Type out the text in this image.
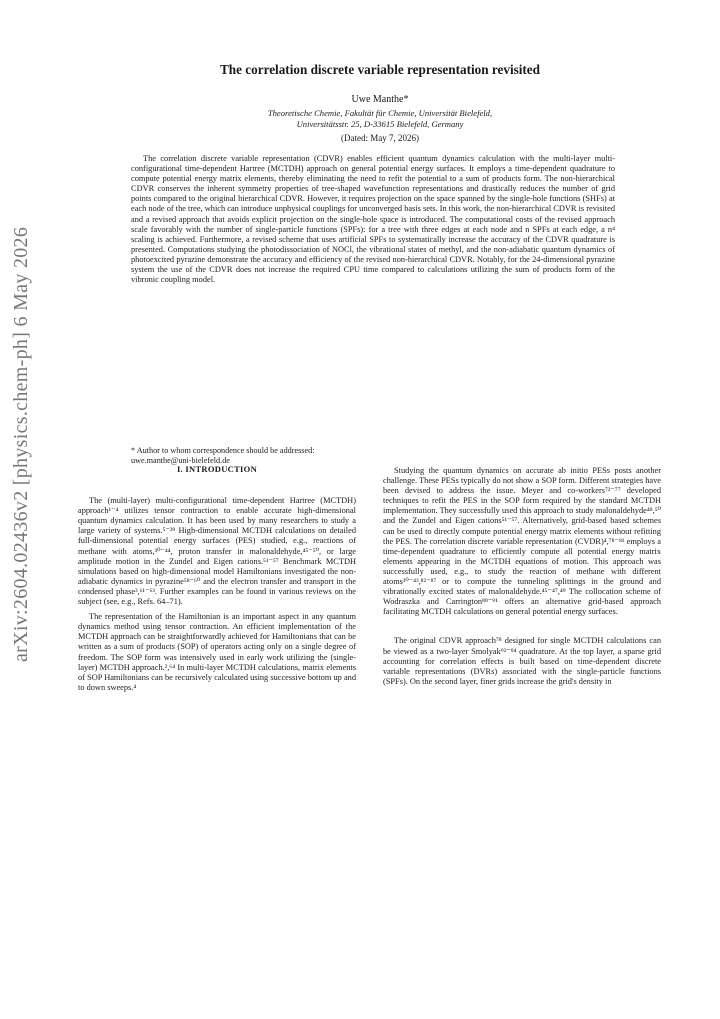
arXiv:2604.02436v2 [physics.chem-ph] 6 May 2026
The correlation discrete variable representation revisited
Uwe Manthe*
Theoretische Chemie, Fakultät für Chemie, Universität Bielefeld,
Universitätsstr. 25, D-33615 Bielefeld, Germany
(Dated: May 7, 2026)
The correlation discrete variable representation (CDVR) enables efficient quantum dynamics calculation with the multi-layer multi-configurational time-dependent Hartree (MCTDH) approach on general potential energy surfaces. It employs a time-dependent quadrature to compute potential energy matrix elements, thereby eliminating the need to refit the potential to a sum of products form. The non-hierarchical CDVR conserves the inherent symmetry properties of tree-shaped wavefunction representations and drastically reduces the number of grid points compared to the original hierarchical CDVR. However, it requires projection on the space spanned by the single-hole functions (SHFs) at each node of the tree, which can introduce unphysical couplings for unconverged basis sets. In this work, the non-hierarchical CDVR is revisited and a revised approach that avoids explicit projection on the single-hole space is introduced. The computational costs of the revised approach scale favorably with the number of single-particle functions (SPFs): for a tree with three edges at each node and n SPFs at each edge, a n⁴ scaling is achieved. Furthermore, a revised scheme that uses artificial SPFs to systematically increase the accuracy of the CDVR quadrature is presented. Computations studying the photodissociation of NOCl, the vibrational states of methyl, and the non-adiabatic quantum dynamics of photoexcited pyrazine demonstrate the accuracy and efficiency of the revised non-hierarchical CDVR. Notably, for the 24-dimensional pyrazine system the use of the CDVR does not increase the required CPU time compared to calculations utilizing the sum of products form of the vibronic coupling model.
* Author to whom correspondence should be addressed:
uwe.manthe@uni-bielefeld.de
I. INTRODUCTION

The (multi-layer) multi-configurational time-dependent Hartree (MCTDH) approach¹⁻⁴ utilizes tensor contraction to enable accurate high-dimensional quantum dynamics calculation. It has been used by many researchers to study a large variety of systems.⁵⁻²⁹ High-dimensional MCTDH calculations on detailed full-dimensional potential energy surfaces (PES) studied, e.g., reactions of methane with atoms,³⁰⁻⁴⁴, proton transfer in malonaldehyde,⁴⁵⁻⁵⁰, or large amplitude motion in the Zundel and Eigen cations.⁵¹⁻⁵⁷ Benchmark MCTDH simulations based on high-dimensional model Hamiltonians investigated the non-adiabatic dynamics in pyrazine⁵⁸⁻⁶⁰ and the electron transfer and transport in the condensed phase³,⁶¹⁻⁶³. Further examples can be found in various reviews on the subject (see, e.g., Refs. 64–71).

The representation of the Hamiltonian is an important aspect in any quantum dynamics method using tensor contraction. An efficient implementation of the MCTDH approach can be straightforwardly achieved for Hamiltonians that can be written as a sum of products (SOP) of operators acting only on a single degree of freedom. The SOP form was intensively used in early work utilizing the (single-layer) MCTDH approach.²,⁶⁴ In multi-layer MCTDH calculations, matrix elements of SOP Hamiltonians can be recursively calculated using successive bottom up and to down sweeps.⁴

Studying the quantum dynamics on accurate ab initio PESs posts another challenge. These PESs typically do not show a SOP form. Different strategies have been devised to address the issue. Meyer and co-workers⁷²⁻⁷⁷ developed techniques to refit the PES in the SOP form required by the standard MCTDH implementation. They successfully used this approach to study malonaldehyde⁴⁸,⁵⁰ and the Zundel and Eigen cations⁵¹⁻⁵⁷. Alternatively, grid-based based schemes can be used to directly compute potential energy matrix elements without refitting the PES. The correlation discrete variable representation (CVDR)⁴,⁷⁸⁻⁸¹ employs a time-dependent quadrature to efficiently compute all potential energy matrix elements appearing in the MCTDH equations of motion. This approach was successfully used, e.g., to study the reaction of methane with different atoms³⁰⁻⁴³,⁸²⁻⁸⁷ or to compute the tunneling splittings in the ground and vibrationally excited states of malonaldehyde.⁴⁵⁻⁴⁷,⁴⁹ The collocation scheme of Wodraszka and Carrington⁸⁸⁻⁹¹ offers an alternative grid-based approach facilitating MCTDH calculations on general potential energy surfaces.

The original CDVR approach⁷⁸ designed for single MCTDH calculations can be viewed as a two-layer Smolyak⁹²⁻⁹⁴ quadrature. At the top layer, a sparse grid accounting for correlation effects is built based on time-dependent discrete variable representations (DVRs) associated with the single-particle functions (SPFs). On the second layer, finer grids increase the grid's density in
